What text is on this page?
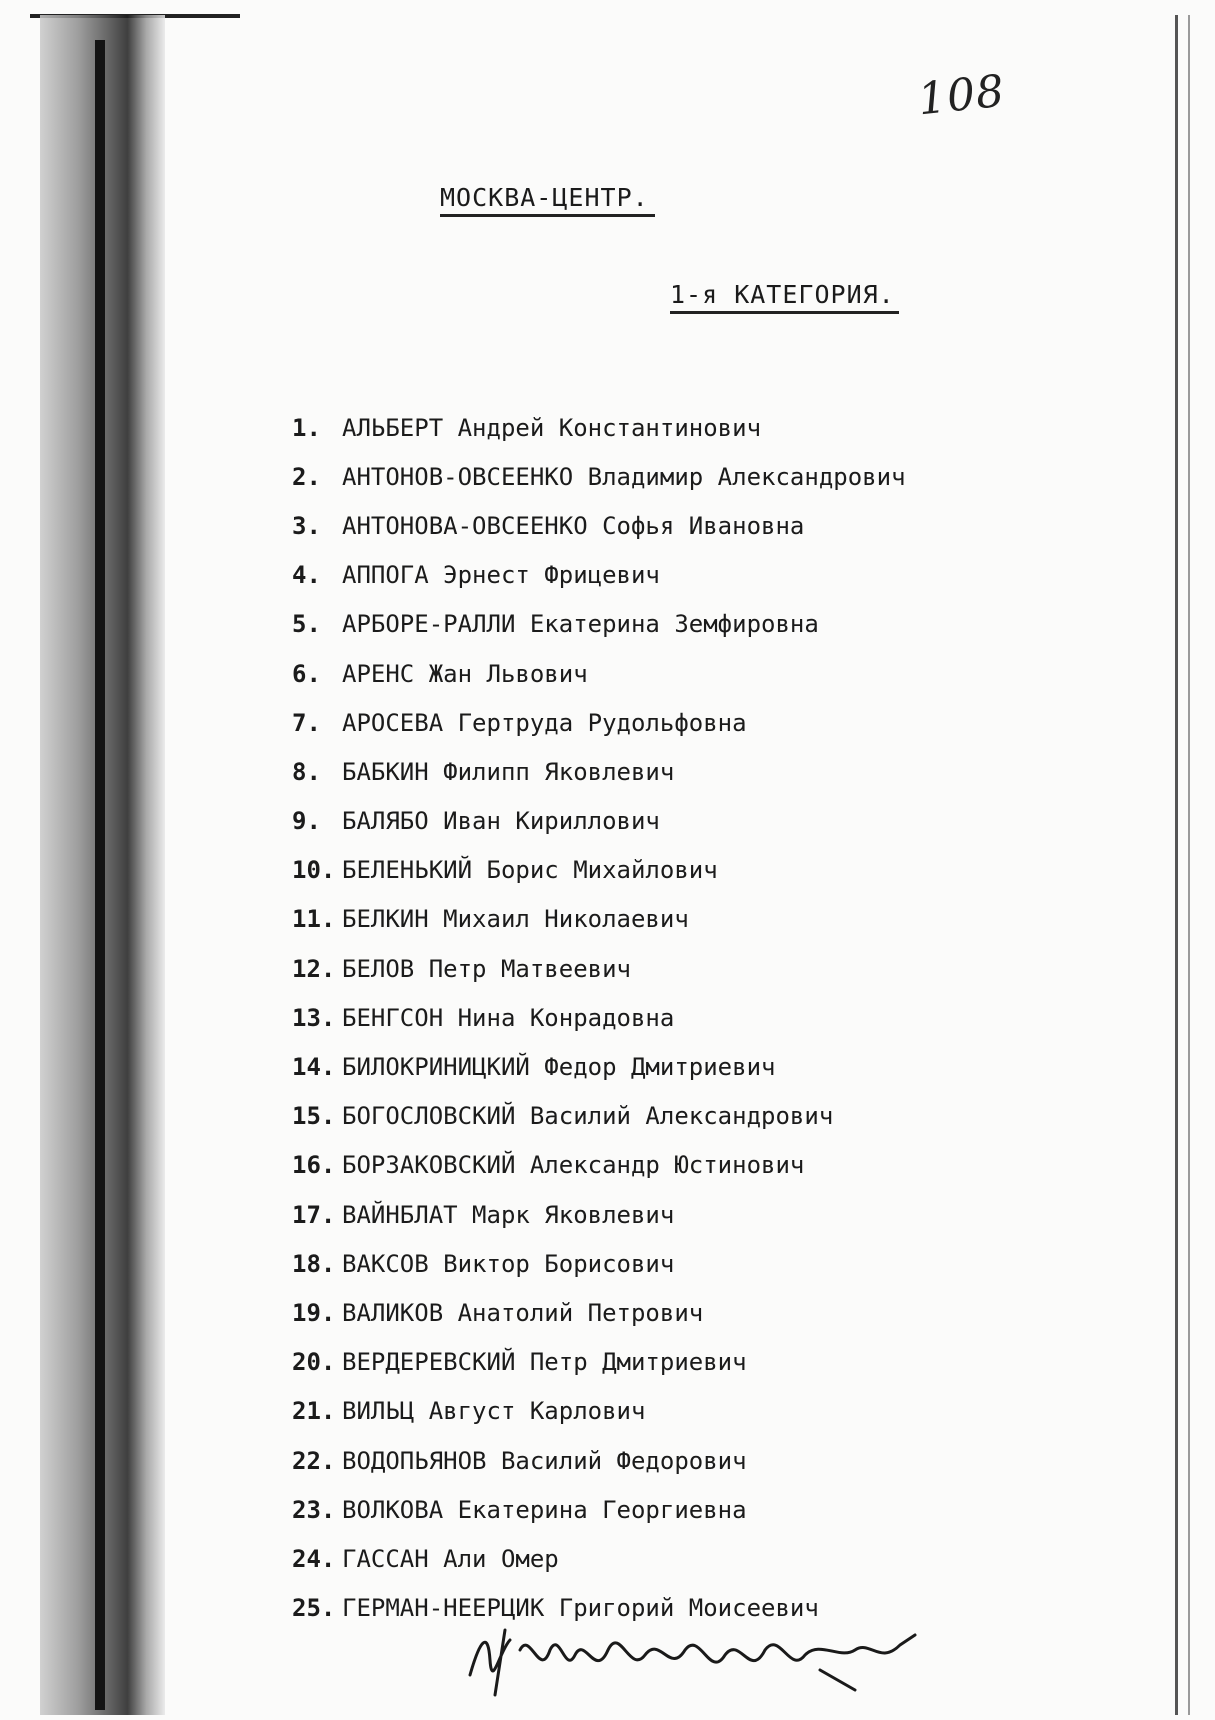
108
МОСКВА-ЦЕНТР.
1-я КАТЕГОРИЯ.
1. АЛЬБЕРТ Андрей Константинович
2. АНТОНОВ-ОВСЕЕНКО Владимир Александрович
3. АНТОНОВА-ОВСЕЕНКО Софья Ивановна
4. АППОГА Эрнест Фрицевич
5. АРБОРЕ-РАЛЛИ Екатерина Земфировна
6. АРЕНС Жан Львович
7. АРОСЕВА Гертруда Рудольфовна
8. БАБКИН Филипп Яковлевич
9. БАЛЯБО Иван Кириллович
10. БЕЛЕНЬКИЙ Борис Михайлович
11. БЕЛКИН Михаил Николаевич
12. БЕЛОВ Петр Матвеевич
13. БЕНГСОН Нина Конрадовна
14. БИЛОКРИНИЦКИЙ Федор Дмитриевич
15. БОГОСЛОВСКИЙ Василий Александрович
16. БОРЗАКОВСКИЙ Александр Юстинович
17. ВАЙНБЛАТ Марк Яковлевич
18. ВАКСОВ Виктор Борисович
19. ВАЛИКОВ Анатолий Петрович
20. ВЕРДЕРЕВСКИЙ Петр Дмитриевич
21. ВИЛЬЦ Август Карлович
22. ВОДОПЬЯНОВ Василий Федорович
23. ВОЛКОВА Екатерина Георгиевна
24. ГАССАН Али Омер
25. ГЕРМАН-НЕЕРЦИК Григорий Моисеевич
